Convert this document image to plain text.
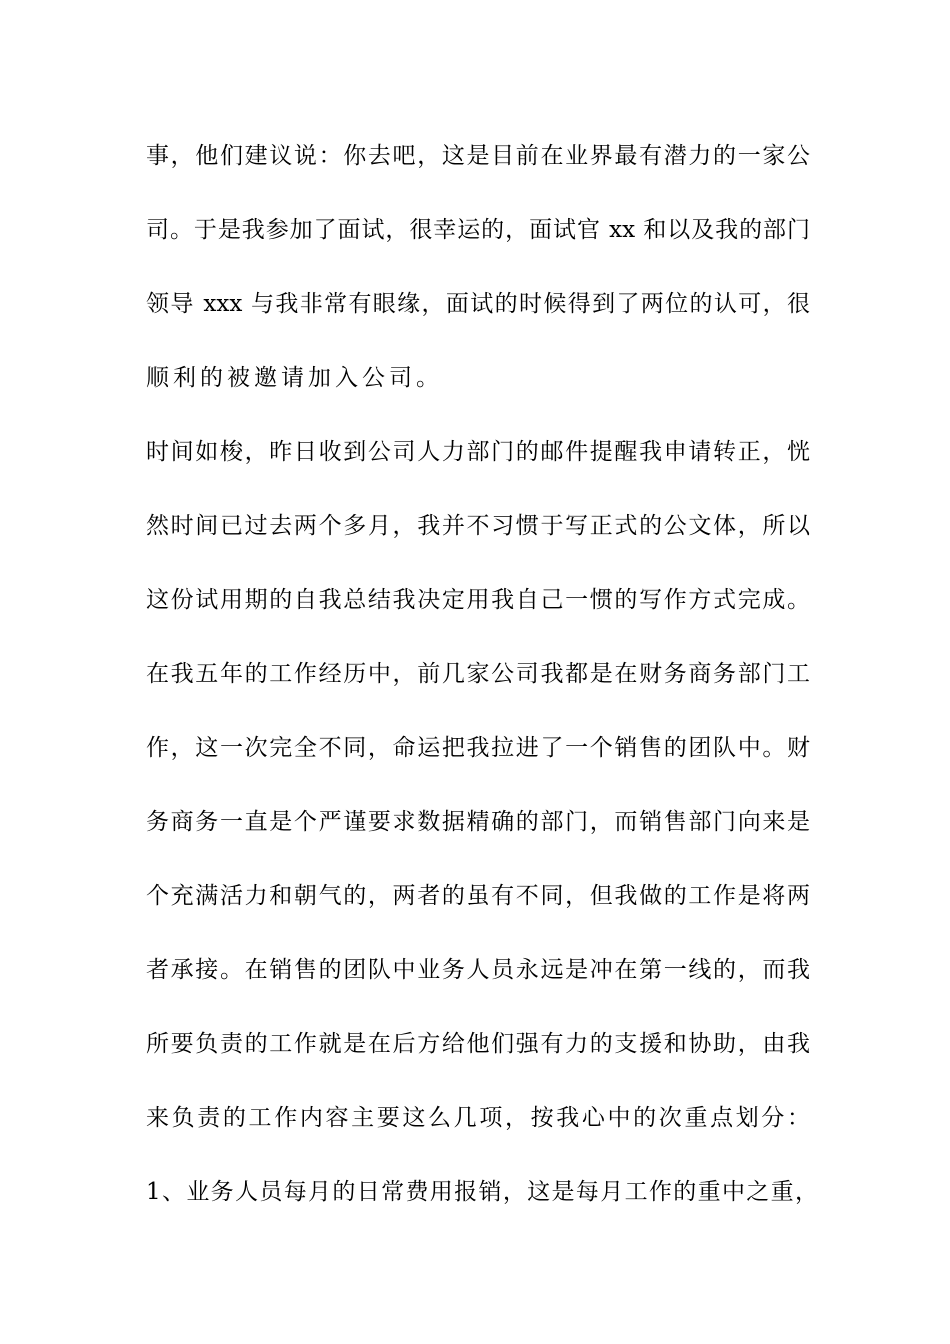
事，他们建议说：你去吧，这是目前在业界最有潜力的一家公
司。于是我参加了面试，很幸运的，面试官 xx 和以及我的部门
领导 xxx 与我非常有眼缘，面试的时候得到了两位的认可，很
顺利的被邀请加入公司。
时间如梭，昨日收到公司人力部门的邮件提醒我申请转正，恍
然时间已过去两个多月，我并不习惯于写正式的公文体，所以
这份试用期的自我总结我决定用我自己一惯的写作方式完成。
在我五年的工作经历中，前几家公司我都是在财务商务部门工
作，这一次完全不同，命运把我拉进了一个销售的团队中。财
务商务一直是个严谨要求数据精确的部门，而销售部门向来是
个充满活力和朝气的，两者的虽有不同，但我做的工作是将两
者承接。在销售的团队中业务人员永远是冲在第一线的，而我
所要负责的工作就是在后方给他们强有力的支援和协助，由我
来负责的工作内容主要这么几项，按我心中的次重点划分：
1、业务人员每月的日常费用报销，这是每月工作的重中之重，
